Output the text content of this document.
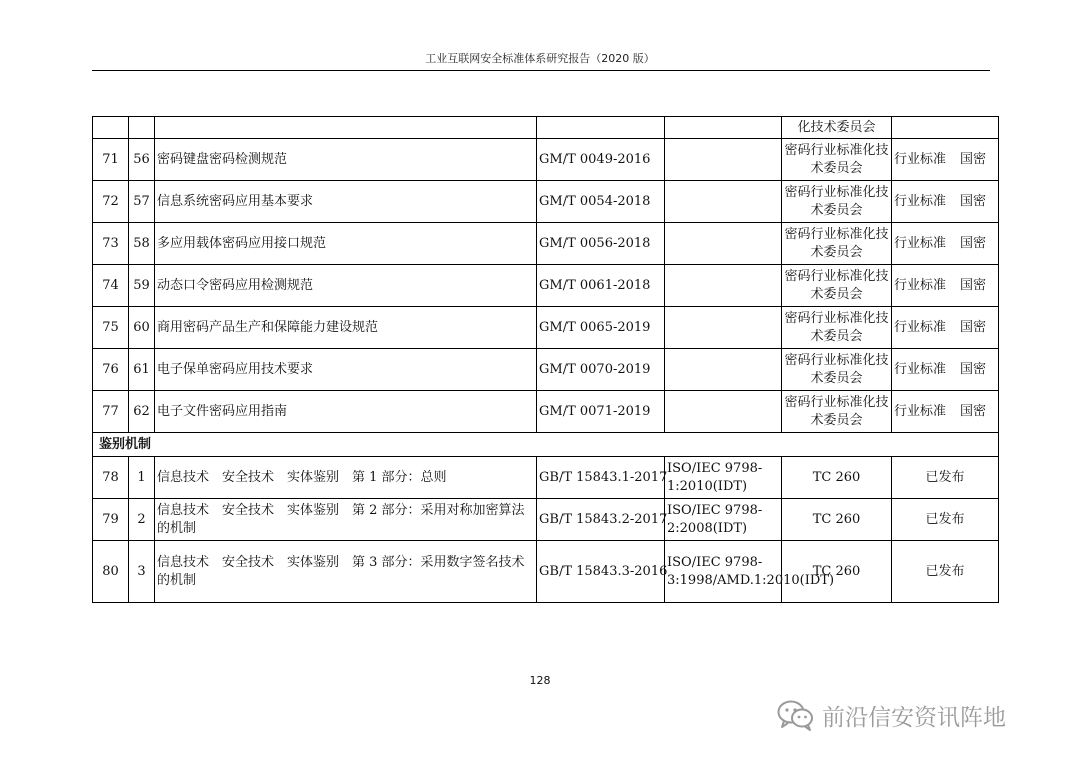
工业互联网安全标准体系研究报告（2020 版）
					化技术委员会	
71	56	密码键盘密码检测规范	GM/T 0049-2016		密码行业标准化技术委员会	行业标准 国密
72	57	信息系统密码应用基本要求	GM/T 0054-2018		密码行业标准化技术委员会	行业标准 国密
73	58	多应用载体密码应用接口规范	GM/T 0056-2018		密码行业标准化技术委员会	行业标准 国密
74	59	动态口令密码应用检测规范	GM/T 0061-2018		密码行业标准化技术委员会	行业标准 国密
75	60	商用密码产品生产和保障能力建设规范	GM/T 0065-2019		密码行业标准化技术委员会	行业标准 国密
76	61	电子保单密码应用技术要求	GM/T 0070-2019		密码行业标准化技术委员会	行业标准 国密
77	62	电子文件密码应用指南	GM/T 0071-2019		密码行业标准化技术委员会	行业标准 国密
鉴别机制						
78	1	信息技术　安全技术　实体鉴别　第 1 部分：总则	GB/T 15843.1-2017	ISO/IEC 9798-1:2010(IDT)	TC 260	已发布
79	2	信息技术　安全技术　实体鉴别　第 2 部分：采用对称加密算法的机制	GB/T 15843.2-2017	ISO/IEC 9798-2:2008(IDT)	TC 260	已发布
80	3	信息技术　安全技术　实体鉴别　第 3 部分：采用数字签名技术的机制	GB/T 15843.3-2016	ISO/IEC 9798-3:1998/AMD.1:2010(IDT)	TC 260	已发布
128
前沿信安资讯阵地
